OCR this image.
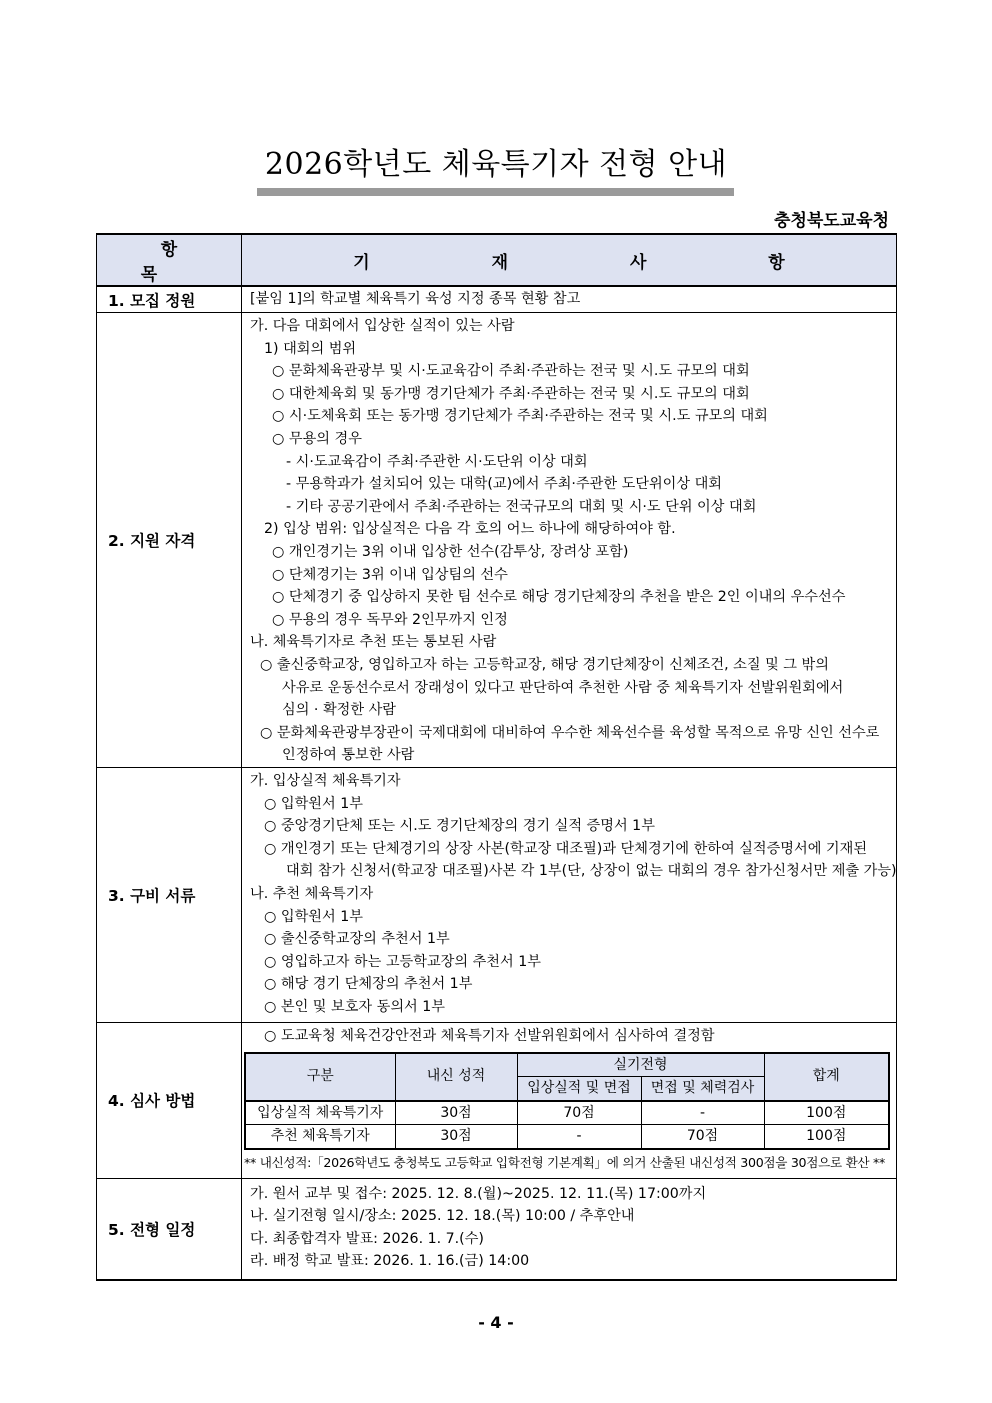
2026학년도 체육특기자 전형 안내
충청북도교육청
항 목	기 재 사 항
1. 모집 정원	[붙임 1]의 학교별 체육특기 육성 지정 종목 현황 참고

2. 지원 자격	
가. 다음 대회에서 입상한 실적이 있는 사람
1) 대회의 범위
○ 문화체육관광부 및 시·도교육감이 주최·주관하는 전국 및 시.도 규모의 대회
○ 대한체육회 및 동가맹 경기단체가 주최·주관하는 전국 및 시.도 규모의 대회
○ 시·도체육회 또는 동가맹 경기단체가 주최·주관하는 전국 및 시.도 규모의 대회
○ 무용의 경우
- 시·도교육감이 주최·주관한 시·도단위 이상 대회
- 무용학과가 설치되어 있는 대학(교)에서 주최·주관한 도단위이상 대회
- 기타 공공기관에서 주최·주관하는 전국규모의 대회 및 시·도 단위 이상 대회
2) 입상 범위: 입상실적은 다음 각 호의 어느 하나에 해당하여야 함.
○ 개인경기는 3위 이내 입상한 선수(감투상, 장려상 포함)
○ 단체경기는 3위 이내 입상팀의 선수
○ 단체경기 중 입상하지 못한 팀 선수로 해당 경기단체장의 추천을 받은 2인 이내의 우수선수
○ 무용의 경우 독무와 2인무까지 인정
나. 체육특기자로 추천 또는 통보된 사람
○ 출신중학교장, 영입하고자 하는 고등학교장, 해당 경기단체장이 신체조건, 소질 및 그 밖의
사유로 운동선수로서 장래성이 있다고 판단하여 추천한 사람 중 체육특기자 선발위원회에서
심의 · 확정한 사람
○ 문화체육관광부장관이 국제대회에 대비하여 우수한 체육선수를 육성할 목적으로 유망 신인 선수로
인정하여 통보한 사람

3. 구비 서류	
가. 입상실적 체육특기자
○ 입학원서 1부
○ 중앙경기단체 또는 시.도 경기단체장의 경기 실적 증명서 1부
○ 개인경기 또는 단체경기의 상장 사본(학교장 대조필)과 단체경기에 한하여 실적증명서에 기재된
대회 참가 신청서(학교장 대조필)사본 각 1부(단, 상장이 없는 대회의 경우 참가신청서만 제출 가능)
나. 추천 체육특기자
○ 입학원서 1부
○ 출신중학교장의 추천서 1부
○ 영입하고자 하는 고등학교장의 추천서 1부
○ 해당 경기 단체장의 추천서 1부
○ 본인 및 보호자 동의서 1부

4. 심사 방법	
○ 도교육청 체육건강안전과 체육특기자 선발위원회에서 심사하여 결정함
구분	내신 성적	실기전형	합계
입상실적 및 면접	면접 및 체력검사
입상실적 체육특기자	30점	70점	-	100점
추천 체육특기자	30점	-	70점	100점
** 내신성적:「2026학년도 충청북도 고등학교 입학전형 기본계획」에 의거 산출된 내신성적 300점을 30점으로 환산 **

5. 전형 일정	
가. 원서 교부 및 접수: 2025. 12. 8.(월)~2025. 12. 11.(목) 17:00까지
나. 실기전형 일시/장소: 2025. 12. 18.(목) 10:00 / 추후안내
다. 최종합격자 발표: 2026. 1. 7.(수)
라. 배정 학교 발표: 2026. 1. 16.(금) 14:00
- 4 -
